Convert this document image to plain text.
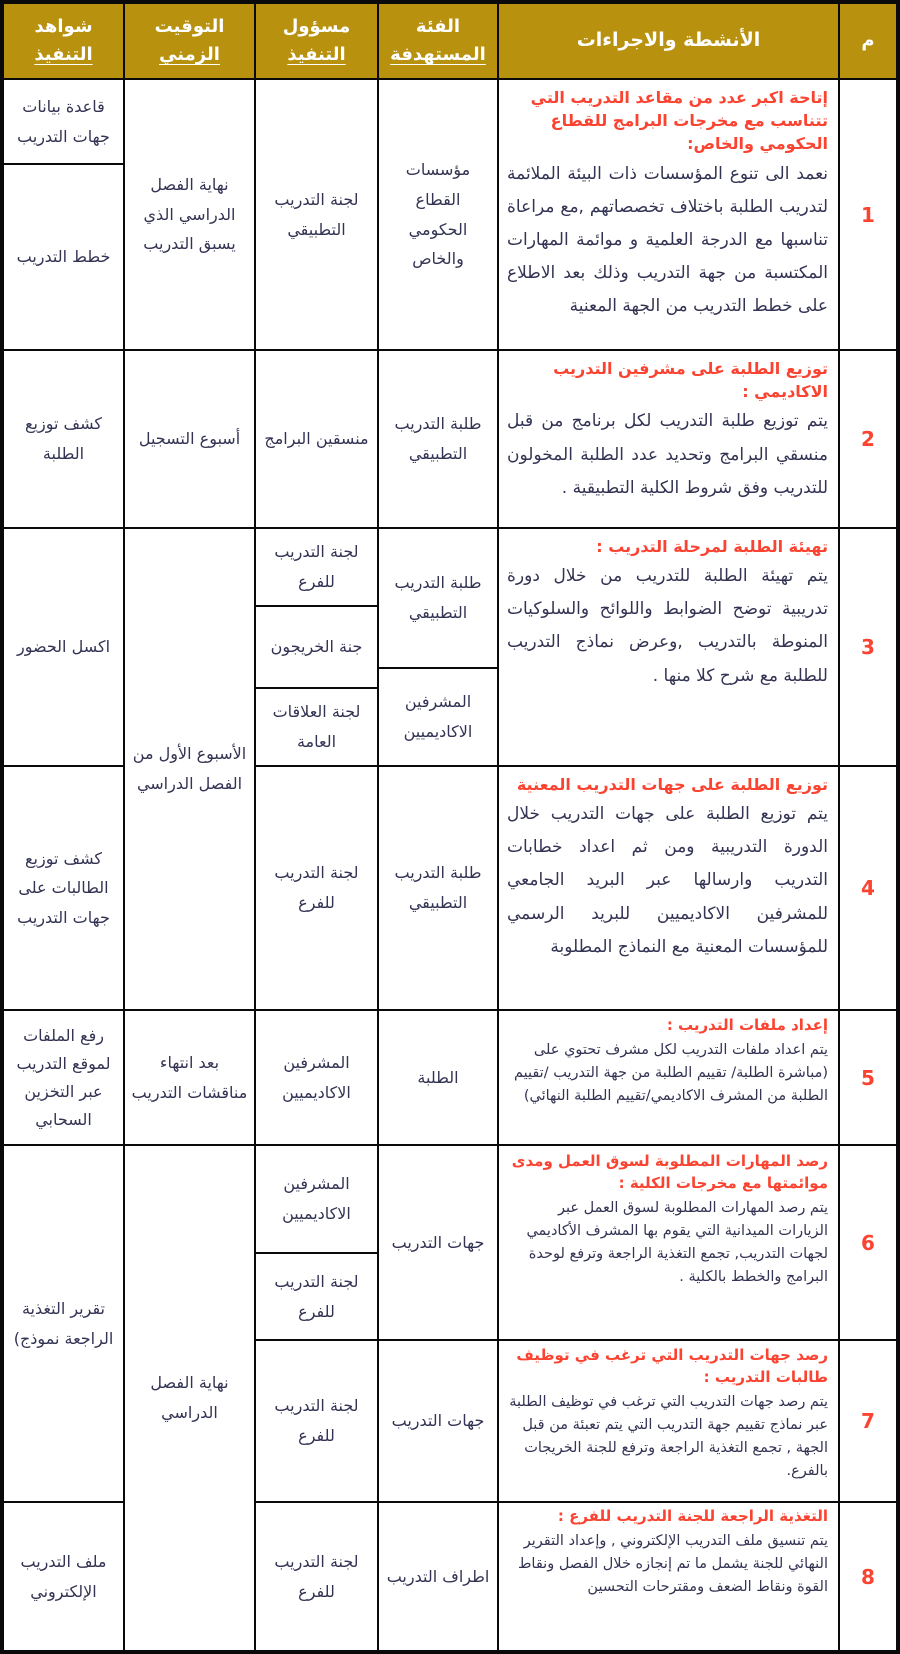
م
الأنشطة والاجراءات
الفئة
المستهدفة
مسؤول
التنفيذ
التوقيت
الزمني
شواهد
التنفيذ
1
إتاحة اكبر عدد من مقاعد التدريب التي تتناسب مع مخرجات البرامج للقطاع الحكومي والخاص:
نعمد الى تنوع المؤسسات ذات البيئة الملائمة لتدريب الطلبة باختلاف تخصصاتهم ,مع مراعاة تناسبها مع الدرجة العلمية و موائمة المهارات المكتسبة من جهة التدريب وذلك بعد الاطلاع على خطط التدريب من الجهة المعنية
مؤسسات القطاع الحكومي والخاص
لجنة التدريب التطبيقي
نهاية الفصل الدراسي الذي يسبق التدريب
قاعدة بيانات جهات التدريب
خطط التدريب
2
توزيع الطلبة على مشرفين التدريب الاكاديمي :
يتم توزيع طلبة التدريب لكل برنامج من قبل منسقي البرامج وتحديد عدد الطلبة المخولون للتدريب وفق شروط الكلية التطبيقية .
طلبة التدريب التطبيقي
منسقين البرامج
أسبوع التسجيل
كشف توزيع الطلبة
3
تهيئة الطلبة لمرحلة التدريب :
يتم تهيئة الطلبة للتدريب من خلال دورة تدريبية توضح الضوابط واللوائح والسلوكيات المنوطة بالتدريب ,وعرض نماذج التدريب للطلبة مع شرح كلا منها .
طلبة التدريب التطبيقي
المشرفين الاكاديميين
لجنة التدريب للفرع
جنة الخريجون
لجنة العلاقات العامة
الأسبوع الأول من الفصل الدراسي
اكسل الحضور
4
توزيع الطلبة على جهات التدريب المعنية
يتم توزيع الطلبة على جهات التدريب خلال الدورة التدريبية ومن ثم اعداد خطابات التدريب وارسالها عبر البريد الجامعي للمشرفين الاكاديميين للبريد الرسمي للمؤسسات المعنية مع النماذج المطلوبة
طلبة التدريب التطبيقي
لجنة التدريب للفرع
كشف توزيع الطالبات على جهات التدريب
5
إعداد ملفات التدريب :
يتم اعداد ملفات التدريب لكل مشرف تحتوي على (مباشرة الطلبة/ تقييم الطلبة من جهة التدريب /تقييم الطلبة من المشرف الاكاديمي/تقييم الطلبة النهائي)
الطلبة
المشرفين الاكاديميين
بعد انتهاء مناقشات التدريب
رفع الملفات لموقع التدريب عبر التخزين السحابي
6
رصد المهارات المطلوبة لسوق العمل ومدى موائمتها مع مخرجات الكلية :
يتم رصد المهارات المطلوبة لسوق العمل عبر الزيارات الميدانية التي يقوم بها المشرف الأكاديمي لجهات التدريب, تجمع التغذية الراجعة وترفع لوحدة البرامج والخطط بالكلية .
جهات التدريب
المشرفين الاكاديميين
لجنة التدريب للفرع
نهاية الفصل الدراسي
تقرير التغذية الراجعة نموذج)
7
رصد جهات التدريب التي ترغب في توظيف طالبات التدريب :
يتم رصد جهات التدريب التي ترغب في توظيف الطلبة عبر نماذج تقييم جهة التدريب التي يتم تعبئة من قبل الجهة , تجمع التغذية الراجعة وترفع للجنة الخريجات بالفرع.
جهات التدريب
لجنة التدريب للفرع
8
التغذية الراجعة للجنة التدريب للفرع :
يتم تنسيق ملف التدريب الإلكتروني , وإعداد التقرير النهائي للجنة يشمل ما تم إنجازه خلال الفصل ونقاط القوة ونقاط الضعف ومقترحات التحسين
اطراف التدريب
لجنة التدريب للفرع
ملف التدريب الإلكتروني
